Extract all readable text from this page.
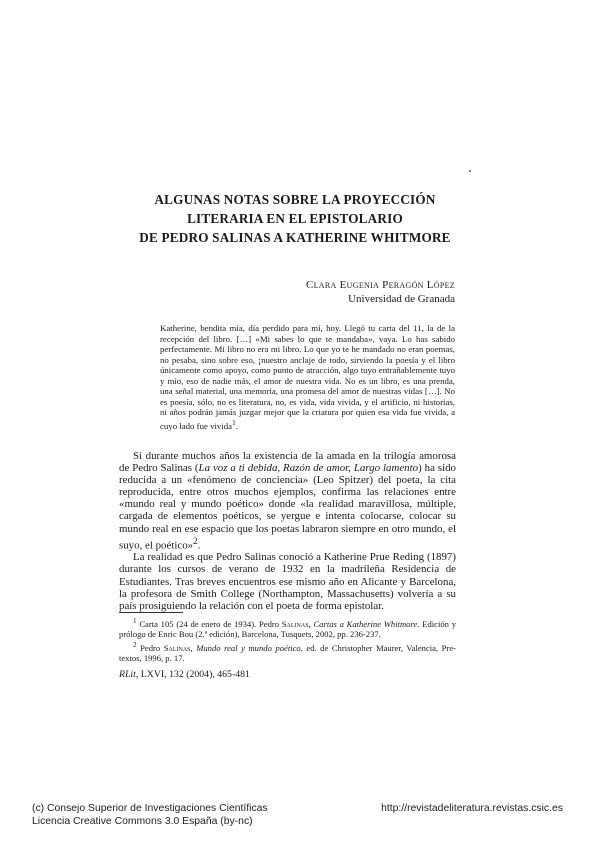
ALGUNAS NOTAS SOBRE LA PROYECCIÓN
LITERARIA EN EL EPISTOLARIO
DE PEDRO SALINAS A KATHERINE WHITMORE
Clara Eugenia Peragón López
Universidad de Granada
Katherine, bendita mía, día perdido para mí, hoy. Llegó tu carta del 11, la de la recepción del libro. […] «Mi sabes lo que te mandaba», vaya. Lo has sabido perfectamente. Mi libro no era mi libro. Lo que yo te he mandado no eran poemas, no pesaba, sino sobre eso, ¡nuestro anclaje de todo, sirviendo la poesía y el libro únicamente como apoyo, como punto de atracción, algo tuyo entrañablemente tuyo y mío, eso de nadie más, el amor de nuestra vida. No es un libro, es una prenda, una señal material, una memoria, una promesa del amor de nuestras vidas […]. No es poesía, sólo, no es literatura, no, es vida, vida vivida, y el artificio, ni historias, ni años podrán jamás juzgar mejor que la criatura por quien esa vida fue vivida, a cuyo lado fue vivida$^1$.

Si durante muchos años la existencia de la amada en la trilogía amorosa de Pedro Salinas (La voz a ti debida, Razón de amor, Largo lamento) ha sido reducida a un «fenómeno de conciencia» (Leo Spitzer) del poeta, la cita reproducida, entre otros muchos ejemplos, confirma las relaciones entre «mundo real y mundo poético» donde «la realidad maravillosa, múltiple, cargada de elementos poéticos, se yergue e intenta colocarse, colocar su mundo real en ese espacio que los poetas labraron siempre en otro mundo, el suyo, el poético»$^2$.

La realidad es que Pedro Salinas conoció a Katherine Prue Reding (1897) durante los cursos de verano de 1932 en la madrileña Residencia de Estudiantes. Tras breves encuentros ese mismo año en Alicante y Barcelona, la profesora de Smith College (Northampton, Massachusetts) volvería a su país prosiguiendo la relación con el poeta de forma epistolar.

$^1$ Carta 105 (24 de enero de 1934). Pedro Salinas, Cartas a Katherine Whitmore. Edición y prólogo de Enric Bou (2.ª edición), Barcelona, Tusquets, 2002, pp. 236-237.

$^2$ Pedro Salinas, Mundo real y mundo poético, ed. de Christopher Maurer, Valencia, Pre-textos, 1996, p. 17.

RLit, LXVI, 132 (2004), 465-481
(c) Consejo Superior de Investigaciones Científicas
Licencia Creative Commons 3.0 España (by-nc)
http://revistadeliteratura.revistas.csic.es
